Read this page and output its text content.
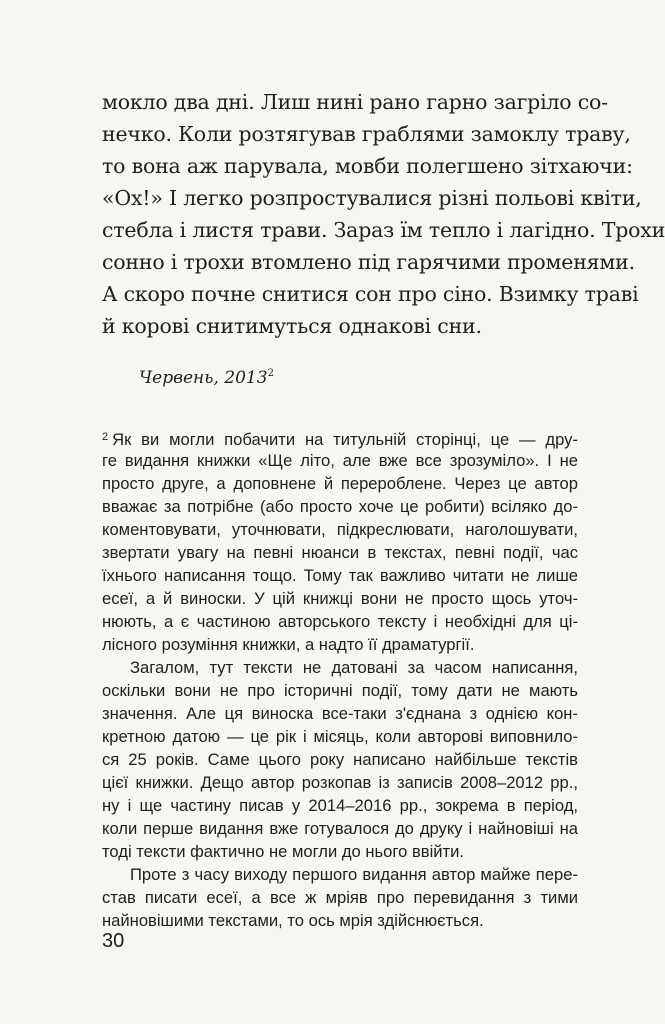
мокло два дні. Лиш нині рано гарно загріло со-
нечко. Коли розтягував граблями замоклу траву,
то вона аж парувала, мовби полегшено зітхаючи:
«Ох!» І легко розпростувалися різні польові квіти,
стебла і листя трави. Зараз їм тепло і лагідно. Трохи
сонно і трохи втомлено під гарячими променями.
А скоро почне снитися сон про сіно. Взимку траві
й корові снитимуться однакові сни.
Червень, 2013$^2$
$^2$ Як ви могли побачити на титульній сторінці, це — дру-
ге видання книжки «Ще літо, але вже все зрозуміло». І не
просто друге, а доповнене й перероблене. Через це автор
вважає за потрібне (або просто хоче це робити) всіляко до-
коментовувати, уточнювати, підкреслювати, наголошувати,
звертати увагу на певні нюанси в текстах, певні події, час
їхнього написання тощо. Тому так важливо читати не лише
есеї, а й виноски. У цій книжці вони не просто щось уточ-
нюють, а є частиною авторського тексту і необхідні для ці-
лісного розуміння книжки, а надто її драматургії.
Загалом, тут тексти не датовані за часом написання,
оскільки вони не про історичні події, тому дати не мають
значення. Але ця виноска все-таки з'єднана з однією кон-
кретною датою — це рік і місяць, коли авторові виповнило-
ся 25 років. Саме цього року написано найбільше текстів
цієї книжки. Дещо автор розкопав із записів 2008–2012 рр.,
ну і ще частину писав у 2014–2016 рр., зокрема в період,
коли перше видання вже готувалося до друку і найновіші на
тоді тексти фактично не могли до нього ввійти.
Проте з часу виходу першого видання автор майже пере-
став писати есеї, а все ж мріяв про перевидання з тими
найновішими текстами, то ось мрія здійснюється.
30
